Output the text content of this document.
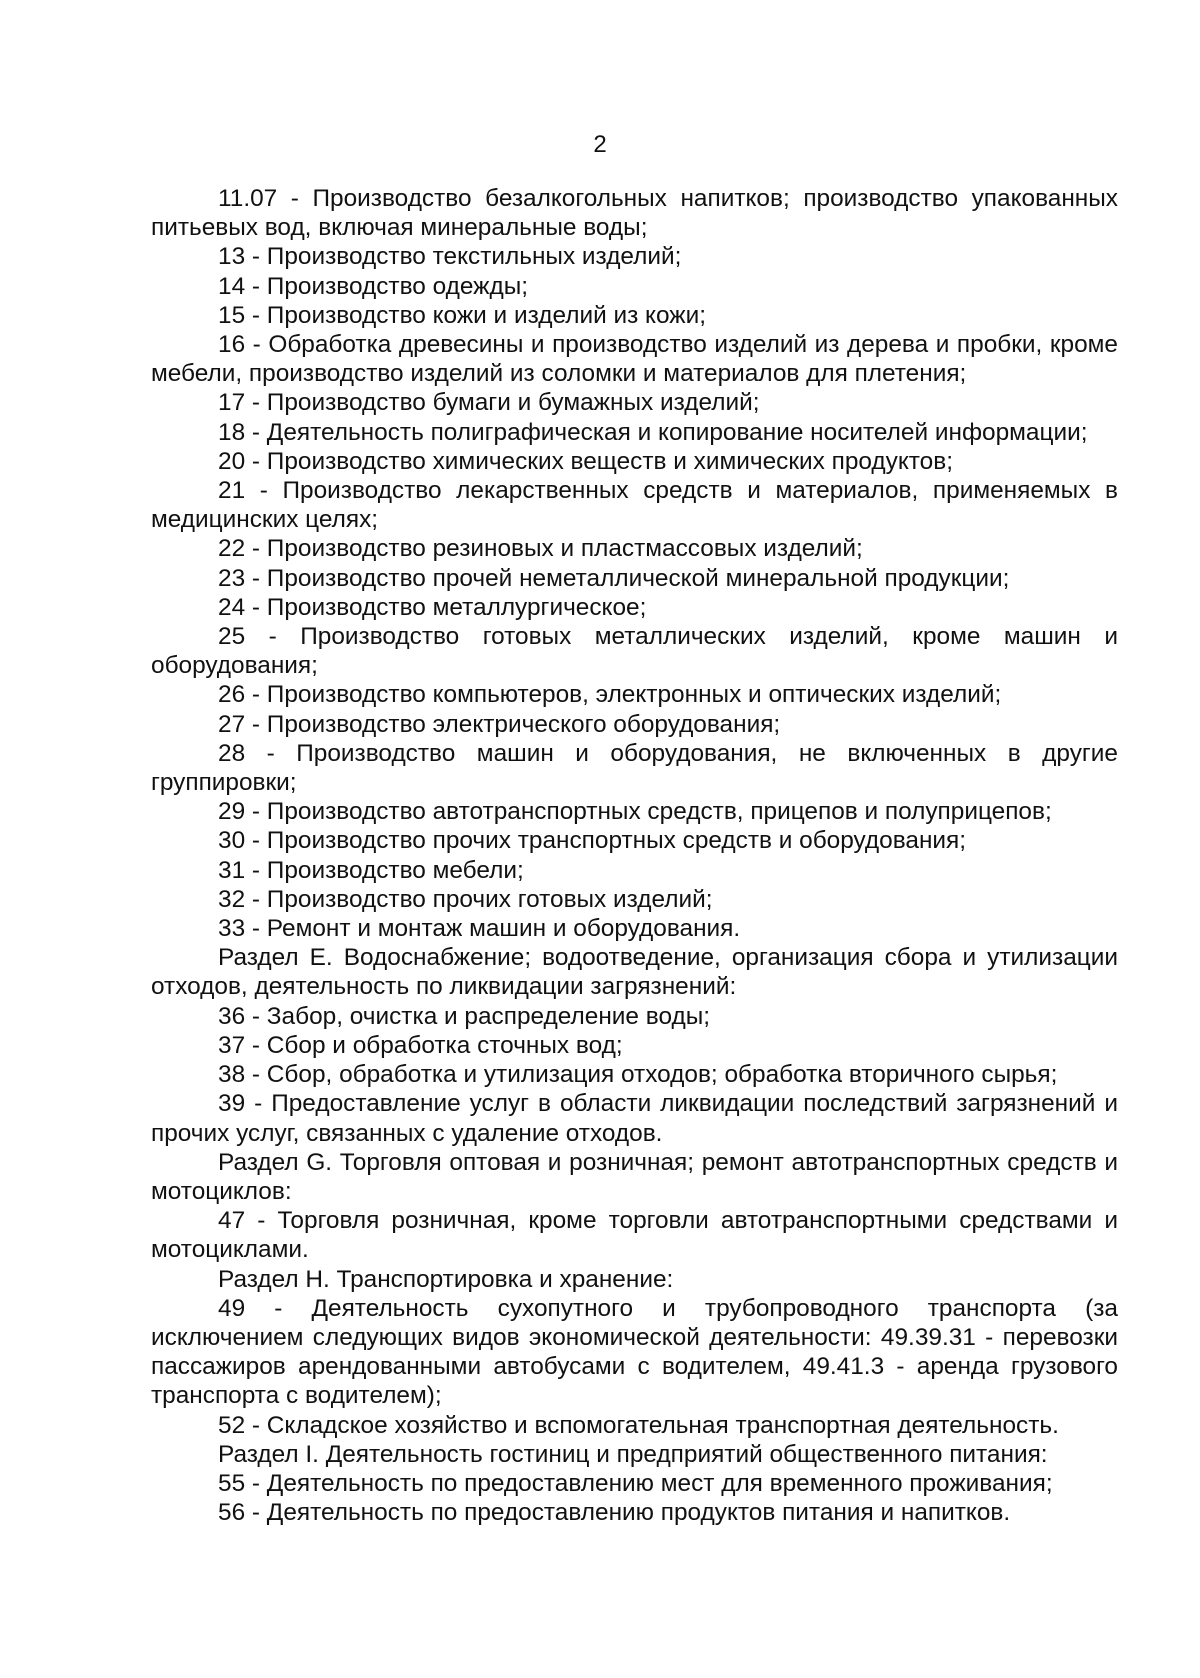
2

11.07 - Производство безалкогольных напитков; производство упакованных питьевых вод, включая минеральные воды;

13 - Производство текстильных изделий;

14 - Производство одежды;

15 - Производство кожи и изделий из кожи;

16 - Обработка древесины и производство изделий из дерева и пробки, кроме мебели, производство изделий из соломки и материалов для плетения;

17 - Производство бумаги и бумажных изделий;

18 - Деятельность полиграфическая и копирование носителей информации;

20 - Производство химических веществ и химических продуктов;

21 - Производство лекарственных средств и материалов, применяемых в медицинских целях;

22 - Производство резиновых и пластмассовых изделий;

23 - Производство прочей неметаллической минеральной продукции;

24 - Производство металлургическое;

25 - Производство готовых металлических изделий, кроме машин и оборудования;

26 - Производство компьютеров, электронных и оптических изделий;

27 - Производство электрического оборудования;

28 - Производство машин и оборудования, не включенных в другие группировки;

29 - Производство автотранспортных средств, прицепов и полуприцепов;

30 - Производство прочих транспортных средств и оборудования;

31 - Производство мебели;

32 - Производство прочих готовых изделий;

33 - Ремонт и монтаж машин и оборудования.

Раздел Е. Водоснабжение; водоотведение, организация сбора и утилизации отходов, деятельность по ликвидации загрязнений:

36 - Забор, очистка и распределение воды;

37 - Сбор и обработка сточных вод;

38 - Сбор, обработка и утилизация отходов; обработка вторичного сырья;

39 - Предоставление услуг в области ликвидации последствий загрязнений и прочих услуг, связанных с удаление отходов.

Раздел G. Торговля оптовая и розничная; ремонт автотранспортных средств и мотоциклов:

47 - Торговля розничная, кроме торговли автотранспортными средствами и мотоциклами.

Раздел H. Транспортировка и хранение:

49 - Деятельность сухопутного и трубопроводного транспорта (за исключением следующих видов экономической деятельности: 49.39.31 - перевозки пассажиров арендованными автобусами с водителем, 49.41.3 - аренда грузового транспорта с водителем);

52 - Складское хозяйство и вспомогательная транспортная деятельность.

Раздел I. Деятельность гостиниц и предприятий общественного питания:

55 - Деятельность по предоставлению мест для временного проживания;

56 - Деятельность по предоставлению продуктов питания и напитков.
